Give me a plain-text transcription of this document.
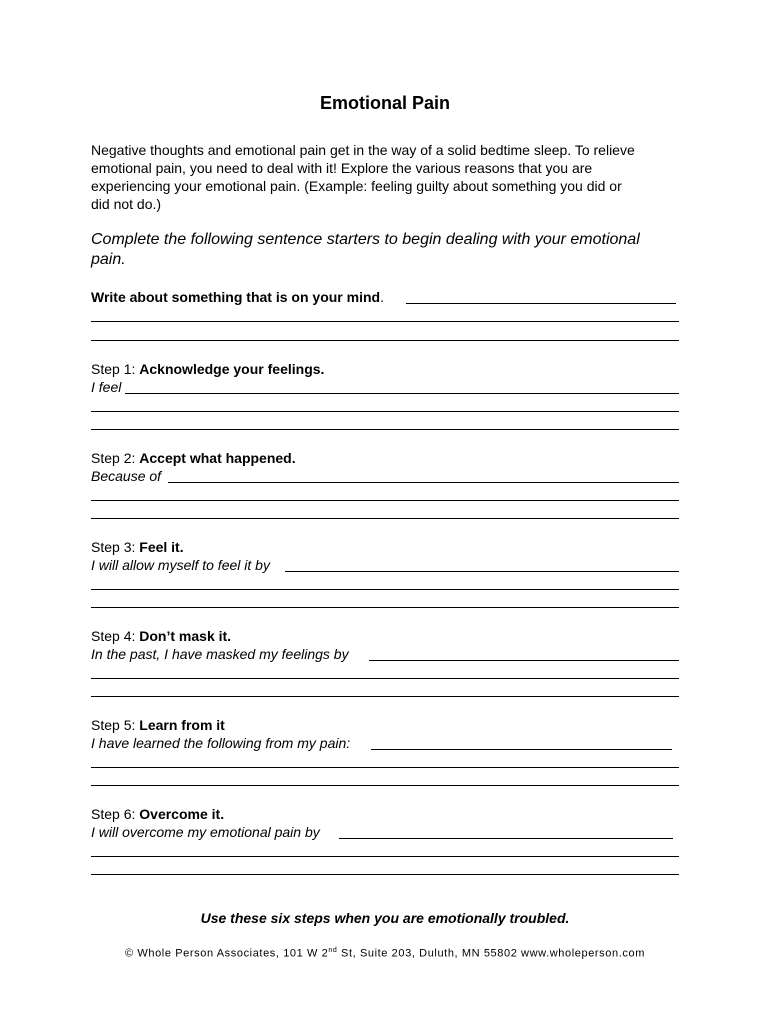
Emotional Pain
Negative thoughts and emotional pain get in the way of a solid bedtime sleep. To relieve
emotional pain, you need to deal with it! Explore the various reasons that you are
experiencing your emotional pain. (Example: feeling guilty about something you did or
did not do.)
Complete the following sentence starters to begin dealing with your emotional
pain.
Write about something that is on your mind.
Step 1: Acknowledge your feelings.
I feel
Step 2: Accept what happened.
Because of
Step 3: Feel it.
I will allow myself to feel it by
Step 4: Don’t mask it.
In the past, I have masked my feelings by
Step 5: Learn from it
I have learned the following from my pain:
Step 6: Overcome it.
I will overcome my emotional pain by
Use these six steps when you are emotionally troubled.
© Whole Person Associates, 101 W 2nd St, Suite 203, Duluth, MN 55802 www.wholeperson.com
